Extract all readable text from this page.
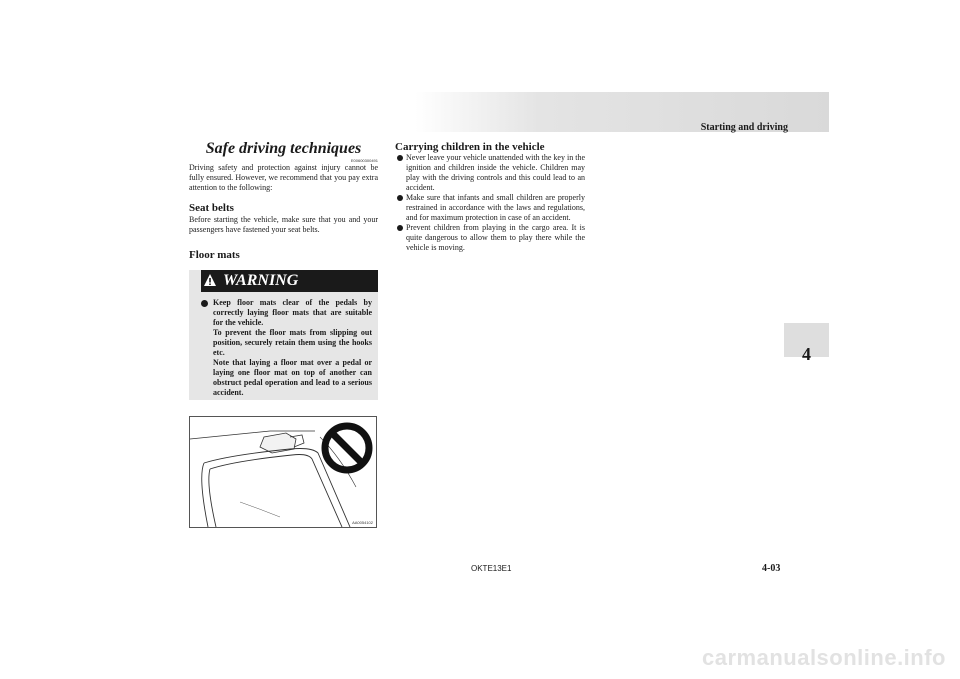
Starting and driving
4
Safe driving techniques
E00600300491

Driving safety and protection against injury cannot be fully ensured. However, we recommend that you pay extra attention to the following:

Seat belts

Before starting the vehicle, make sure that you and your passengers have fastened your seat belts.

Floor mats
WARNING

Keep floor mats clear of the pedals by correctly laying floor mats that are suitable for the vehicle.

To prevent the floor mats from slipping out position, securely retain them using the hooks etc.

Note that laying a floor mat over a pedal or laying one floor mat on top of another can obstruct pedal operation and lead to a serious accident.

AA0054102
Carrying children in the vehicle

Never leave your vehicle unattended with the key in the ignition and children inside the vehicle. Children may play with the driving controls and this could lead to an accident.

Make sure that infants and small children are properly restrained in accordance with the laws and regulations, and for maximum protection in case of an accident.

Prevent children from playing in the cargo area. It is quite dangerous to allow them to play there while the vehicle is moving.

OKTE13E1	4-03
carmanualsonline.info
